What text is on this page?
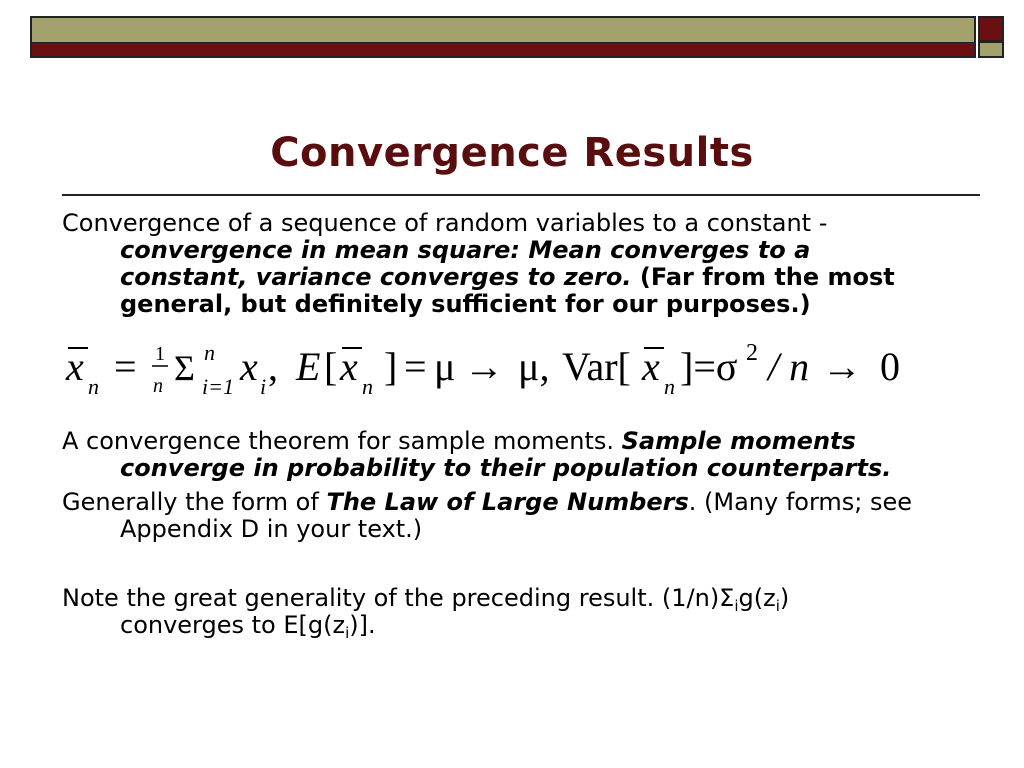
Convergence Results
Convergence of a sequence of random variables to a constant -
convergence in mean square: Mean converges to a
constant, variance converges to zero. (Far from the most
general, but definitely sufficient for our purposes.)
x n = 1
n Σ n
i=1 x i , E [ x n ] = μ → μ, Var[ x n ]=σ 2 / n → 0
A convergence theorem for sample moments. Sample moments
converge in probability to their population counterparts.
Generally the form of The Law of Large Numbers. (Many forms; see
Appendix D in your text.)
Note the great generality of the preceding result. $(1/n)\Sigma_ig(z_i)$
converges to $E[g(z_i)]$.
